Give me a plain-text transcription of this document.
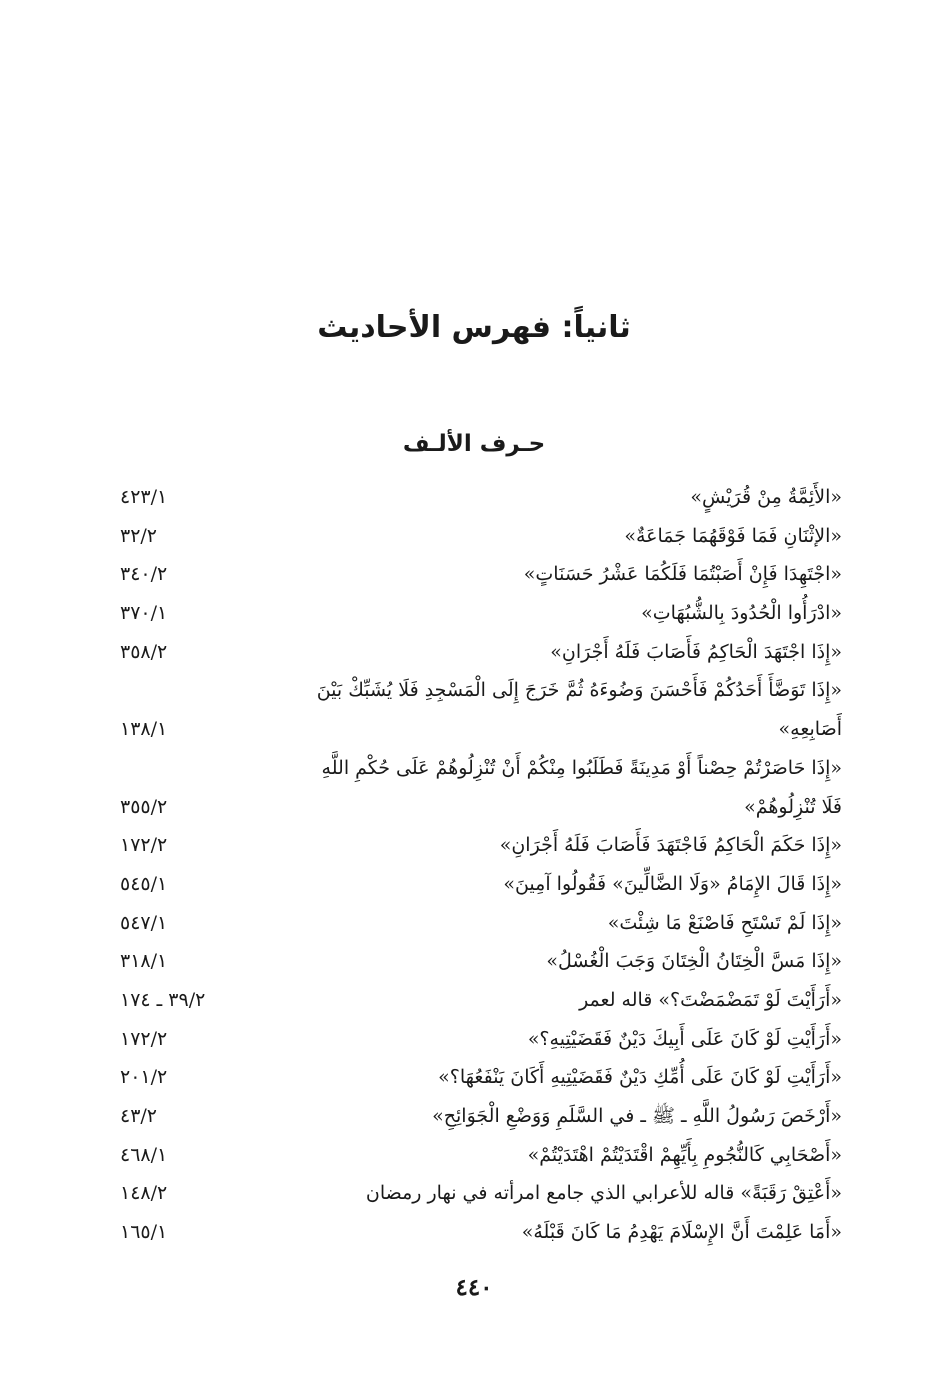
ثانياً: فهرس الأحاديث
حـرف الألـف
«الأَئِمَّةُ مِنْ قُرَيْشٍ»
٤٢٣/١
«الإثْنَانِ فَمَا فَوْقَهُمَا جَمَاعَةٌ»
٣٢/٢
«اجْتَهِدَا فَإِنْ أَصَبْتُمَا فَلَكُمَا عَشْرُ حَسَنَاتٍ»
٣٤٠/٢
«ادْرَأُوا الْحُدُودَ بِالشُّبُهَاتِ»
٣٧٠/١
«إِذَا اجْتَهَدَ الْحَاكِمُ فَأَصَابَ فَلَهُ أَجْرَانِ»
٣٥٨/٢
«إِذَا تَوَضَّأَ أَحَدُكُمْ فَأَحْسَنَ وَضُوءَهُ ثُمَّ خَرَجَ إِلَى الْمَسْجِدِ فَلَا يُشَبِّكْ بَيْنَ
أَصَابِعِهِ»
١٣٨/١
«إِذَا حَاصَرْتُمْ حِصْناً أَوْ مَدِينَةً فَطَلَبُوا مِنْكُمْ أَنْ تُنْزِلُوهُمْ عَلَى حُكْمِ اللَّهِ
فَلَا تُنْزِلُوهُمْ»
٣٥٥/٢
«إِذَا حَكَمَ الْحَاكِمُ فَاجْتَهَدَ فَأَصَابَ فَلَهُ أَجْرَانِ»
١٧٢/٢
«إِذَا قَالَ الإِمَامُ «وَلَا الضَّالِّينَ» فَقُولُوا آمِينَ»
٥٤٥/١
«إِذَا لَمْ تَسْتَحِ فَاصْنَعْ مَا شِئْتَ»
٥٤٧/١
«إِذَا مَسَّ الْخِتَانُ الْخِتَانَ وَجَبَ الْغُسْلُ»
٣١٨/١
«أَرَأَيْتَ لَوْ تَمَضْمَضْتَ؟» قاله لعمر
٣٩/٢ ـ ١٧٤
«أَرَأَيْتِ لَوْ كَانَ عَلَى أَبِيكَ دَيْنٌ فَقَضَيْتِيهِ؟»
١٧٢/٢
«أَرَأَيْتِ لَوْ كَانَ عَلَى أُمِّكِ دَيْنٌ فَقَضَيْتِيهِ أَكَانَ يَنْفَعُهَا؟»
٢٠١/٢
«أَرْخَصَ رَسُولُ اللَّهِ ـ ﷺ ـ في السَّلَمِ وَوَضْعِ الْجَوَائِحِ»
٤٣/٢
«أَصْحَابِي كَالنُّجُومِ بِأَيِّهِمْ اقْتَدَيْتُمْ اهْتَدَيْتُمْ»
٤٦٨/١
«أَعْتِقْ رَقَبَةً» قاله للأعرابي الذي جامع امرأته في نهار رمضان
١٤٨/٢
«أَمَا عَلِمْتَ أَنَّ الإِسْلَامَ يَهْدِمُ مَا كَانَ قَبْلَهُ»
١٦٥/١
٤٤٠
